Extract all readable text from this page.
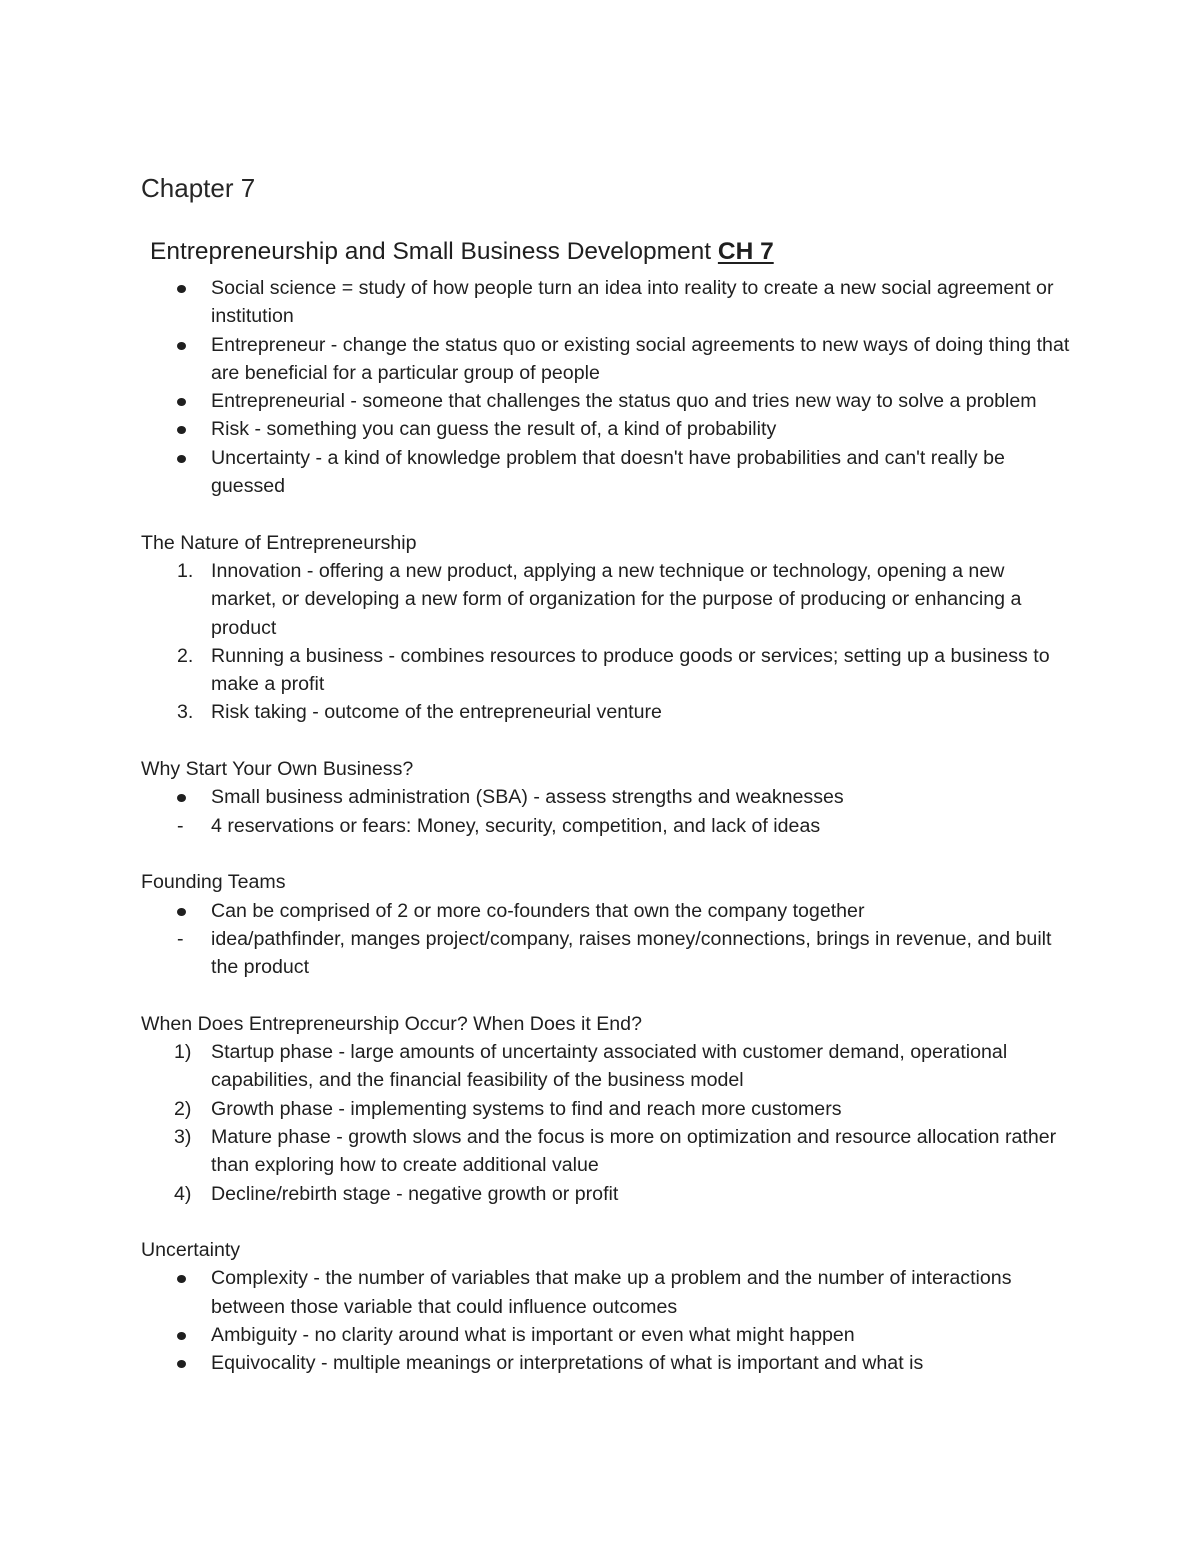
Chapter 7
Entrepreneurship and Small Business Development CH 7
Social science = study of how people turn an idea into reality to create a new social agreement or institution
Entrepreneur - change the status quo or existing social agreements to new ways of doing thing that are beneficial for a particular group of people
Entrepreneurial - someone that challenges the status quo and tries new way to solve a problem
Risk - something you can guess the result of, a kind of probability
Uncertainty - a kind of knowledge problem that doesn't have probabilities and can't really be guessed
The Nature of Entrepreneurship
1. Innovation - offering a new product, applying a new technique or technology, opening a new market, or developing a new form of organization for the purpose of producing or enhancing a product
2. Running a business - combines resources to produce goods or services; setting up a business to make a profit
3. Risk taking - outcome of the entrepreneurial venture
Why Start Your Own Business?
Small business administration (SBA) - assess strengths and weaknesses
-	4 reservations or fears: Money, security, competition, and lack of ideas
Founding Teams
Can be comprised of 2 or more co-founders that own the company together
-	idea/pathfinder, manges project/company, raises money/connections, brings in revenue, and built the product
When Does Entrepreneurship Occur? When Does it End?
1) Startup phase - large amounts of uncertainty associated with customer demand, operational capabilities, and the financial feasibility of the business model
2) Growth phase - implementing systems to find and reach more customers
3) Mature phase - growth slows and the focus is more on optimization and resource allocation rather than exploring how to create additional value
4) Decline/rebirth stage - negative growth or profit
Uncertainty
Complexity - the number of variables that make up a problem and the number of interactions between those variable that could influence outcomes
Ambiguity - no clarity around what is important or even what might happen
Equivocality - multiple meanings or interpretations of what is important and what is
